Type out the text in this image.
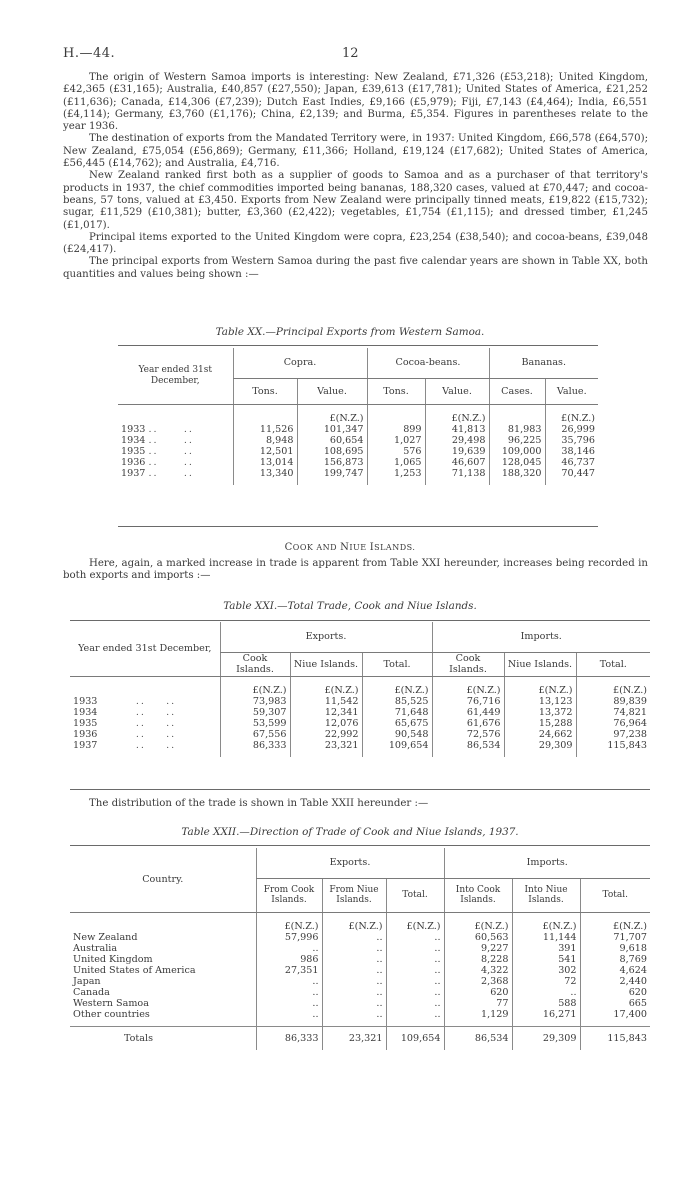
H.—44.	12

The origin of Western Samoa imports is interesting: New Zealand, £71,326 (£53,218); United Kingdom, £42,365 (£31,165); Australia, £40,857 (£27,550); Japan, £39,613 (£17,781); United States of America, £21,252 (£11,636); Canada, £14,306 (£7,239); Dutch East Indies, £9,166 (£5,979); Fiji, £7,143 (£4,464); India, £6,551 (£4,114); Germany, £3,760 (£1,176); China, £2,139; and Burma, £5,354. Figures in parentheses relate to the year 1936.

The destination of exports from the Mandated Territory were, in 1937: United Kingdom, £66,578 (£64,570); New Zealand, £75,054 (£56,869); Germany, £11,366; Holland, £19,124 (£17,682); United States of America, £56,445 (£14,762); and Australia, £4,716.

New Zealand ranked first both as a supplier of goods to Samoa and as a purchaser of that territory's products in 1937, the chief commodities imported being bananas, 188,320 cases, valued at £70,447; and cocoa-beans, 57 tons, valued at £3,450. Exports from New Zealand were principally tinned meats, £19,822 (£15,732); sugar, £11,529 (£10,381); butter, £3,360 (£2,422); vegetables, £1,754 (£1,115); and dressed timber, £1,245 (£1,017).

Principal items exported to the United Kingdom were copra, £23,254 (£38,540); and cocoa-beans, £39,048 (£24,417).

The principal exports from Western Samoa during the past five calendar years are shown in Table XX, both quantities and values being shown :—

Table XX.—Principal Exports from Western Samoa.
Year ended 31st December,	Copra.		Cocoa-beans.		Bananas.	
	Tons.	Value.	Tons.	Value.	Cases.	Value.
		£(N.Z.)		£(N.Z.)		£(N.Z.)
1933 ..     ..	11,526	101,347	899	41,813	81,983	26,999
1934 ..     ..	8,948	60,654	1,027	29,498	96,225	35,796
1935 ..     ..	12,501	108,695	576	19,639	109,000	38,146
1936 ..     ..	13,014	156,873	1,065	46,607	128,045	46,737
1937 ..     ..	13,340	199,747	1,253	71,138	188,320	70,447
COOK AND NIUE ISLANDS.

Here, again, a marked increase in trade is apparent from Table XXI hereunder, increases being recorded in both exports and imports :—

Table XXI.—Total Trade, Cook and Niue Islands.
Year ended 31st December,	Exports.			Imports.		
	Cook Islands.	Niue Islands.	Total.	Cook Islands.	Niue Islands.	Total.
	£(N.Z.)	£(N.Z.)	£(N.Z.)	£(N.Z.)	£(N.Z.)	£(N.Z.)
1933        ..    ..	73,983	11,542	85,525	76,716	13,123	89,839
1934        ..    ..	59,307	12,341	71,648	61,449	13,372	74,821
1935        ..    ..	53,599	12,076	65,675	61,676	15,288	76,964
1936        ..    ..	67,556	22,992	90,548	72,576	24,662	97,238
1937        ..    ..	86,333	23,321	109,654	86,534	29,309	115,843

The distribution of the trade is shown in Table XXII hereunder :—

Table XXII.—Direction of Trade of Cook and Niue Islands, 1937.
Country.	Exports.			Imports.		
	From Cook Islands.	From Niue Islands.	Total.	Into Cook Islands.	Into Niue Islands.	Total.
	£(N.Z.)	£(N.Z.)	£(N.Z.)	£(N.Z.)	£(N.Z.)	£(N.Z.)
New Zealand	57,996	..	..	60,563	11,144	71,707
Australia	..	..	..	9,227	391	9,618
United Kingdom	986	..	..	8,228	541	8,769
United States of America	27,351	..	..	4,322	302	4,624
Japan	..	..	..	2,368	72	2,440
Canada	..	..	..	620	..	620
Western Samoa	..	..	..	77	588	665
Other countries	..	..	..	1,129	16,271	17,400
Totals	86,333	23,321	109,654	86,534	29,309	115,843
